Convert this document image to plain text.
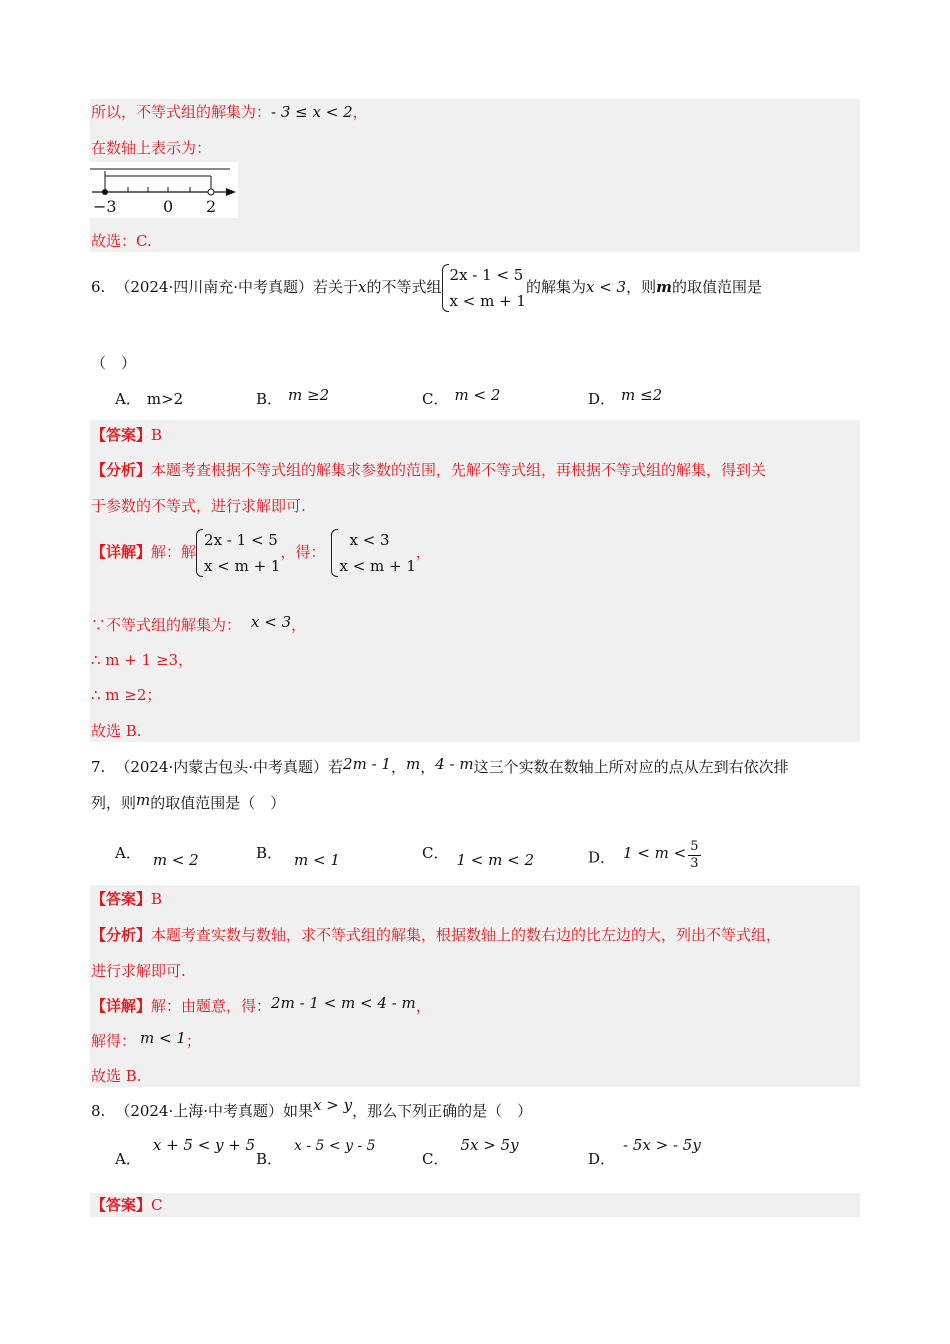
所以，不等式组的解集为：- 3 ≤ x < 2，
在数轴上表示为：
−3	0 2
故选：C.
6. （2024·四川南充·中考真题）若关于x的不等式组
2x - 1 < 5
x < m + 1
的解集为x < 3，则m的取值范围是
（　）
A． m>2	B． m ≥2	C． m < 2	D． m ≤2
【答案】B
【分析】本题考查根据不等式组的解集求参数的范围，先解不等式组，再根据不等式组的解集，得到关
于参数的不等式，进行求解即可.
【详解】解：解
2x - 1 < 5
x < m + 1
，得：
x < 3
x < m + 1
，
∵不等式组的解集为： x < 3，
∴ m + 1 ≥3，
∴ m ≥2；
故选 B.
7. （2024·内蒙古包头·中考真题）若2m - 1，m，4 - m这三个实数在数轴上所对应的点从左到右依次排
列，则m的取值范围是（　）
A． m < 2	B． m < 1	C． 1 < m < 2	D． $1 < m < \frac{5}{3}$
【答案】B
【分析】本题考查实数与数轴，求不等式组的解集，根据数轴上的数右边的比左边的大，列出不等式组，
进行求解即可.
【详解】解：由题意，得：2m - 1 < m < 4 - m，
解得： m < 1；
故选 B.
8. （2024·上海·中考真题）如果x > y，那么下列正确的是（　）
A．x + 5 < y + 5
B．x - 5 < y - 5
C．5x > 5y
D．- 5x > - 5y
【答案】C
